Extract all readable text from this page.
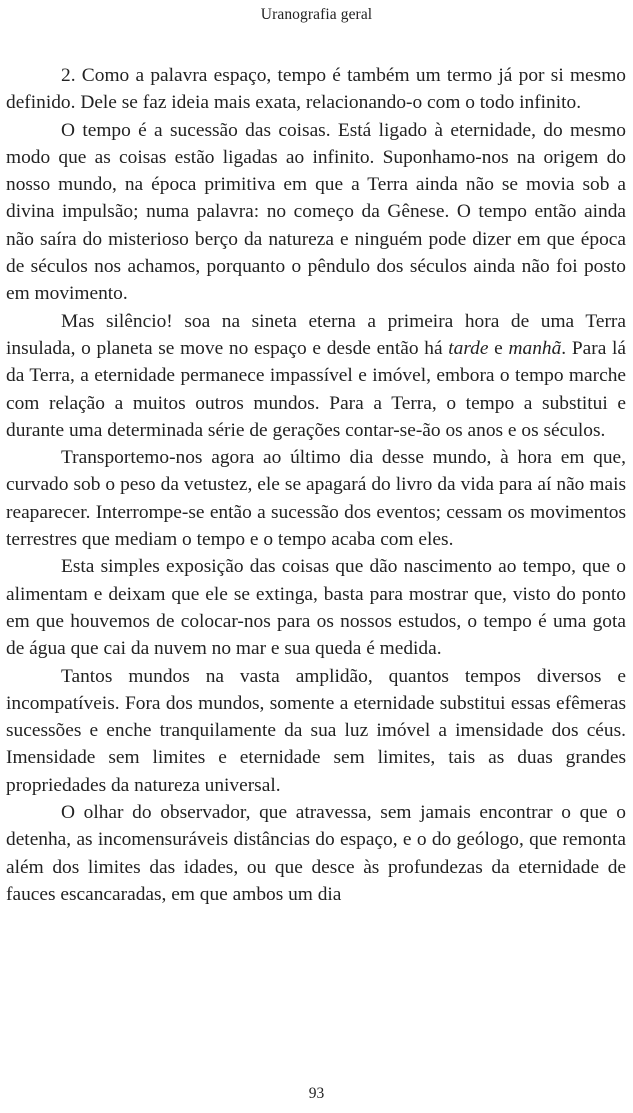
Uranografia geral

2. Como a palavra espaço, tempo é também um termo já por si mesmo definido. Dele se faz ideia mais exata, relacionando-o com o todo infinito.

O tempo é a sucessão das coisas. Está ligado à eternidade, do mesmo modo que as coisas estão ligadas ao infinito. Suponhamo-nos na origem do nosso mundo, na época primitiva em que a Terra ainda não se movia sob a divina impulsão; numa palavra: no começo da Gênese. O tempo então ainda não saíra do misterioso berço da natureza e ninguém pode dizer em que época de séculos nos achamos, porquanto o pêndulo dos séculos ainda não foi posto em movimento.

Mas silêncio! soa na sineta eterna a primeira hora de uma Terra insulada, o planeta se move no espaço e desde então há tarde e manhã. Para lá da Terra, a eternidade permanece impassível e imóvel, embora o tempo marche com relação a muitos outros mundos. Para a Terra, o tempo a substitui e durante uma determinada série de gerações contar-se-ão os anos e os séculos.

Transportemo-nos agora ao último dia desse mundo, à hora em que, curvado sob o peso da vetustez, ele se apagará do livro da vida para aí não mais reaparecer. Interrompe-se então a sucessão dos eventos; cessam os movimentos terrestres que mediam o tempo e o tempo acaba com eles.

Esta simples exposição das coisas que dão nascimento ao tempo, que o alimentam e deixam que ele se extinga, basta para mostrar que, visto do ponto em que houvemos de colocar-nos para os nossos estudos, o tempo é uma gota de água que cai da nuvem no mar e sua queda é medida.

Tantos mundos na vasta amplidão, quantos tempos diversos e incompatíveis. Fora dos mundos, somente a eternidade substitui essas efêmeras sucessões e enche tranquilamente da sua luz imóvel a imensidade dos céus. Imensidade sem limites e eternidade sem limites, tais as duas grandes propriedades da natureza universal.

O olhar do observador, que atravessa, sem jamais encontrar o que o detenha, as incomensuráveis distâncias do espaço, e o do geólogo, que remonta além dos limites das idades, ou que desce às profundezas da eternidade de fauces escancaradas, em que ambos um dia

93
